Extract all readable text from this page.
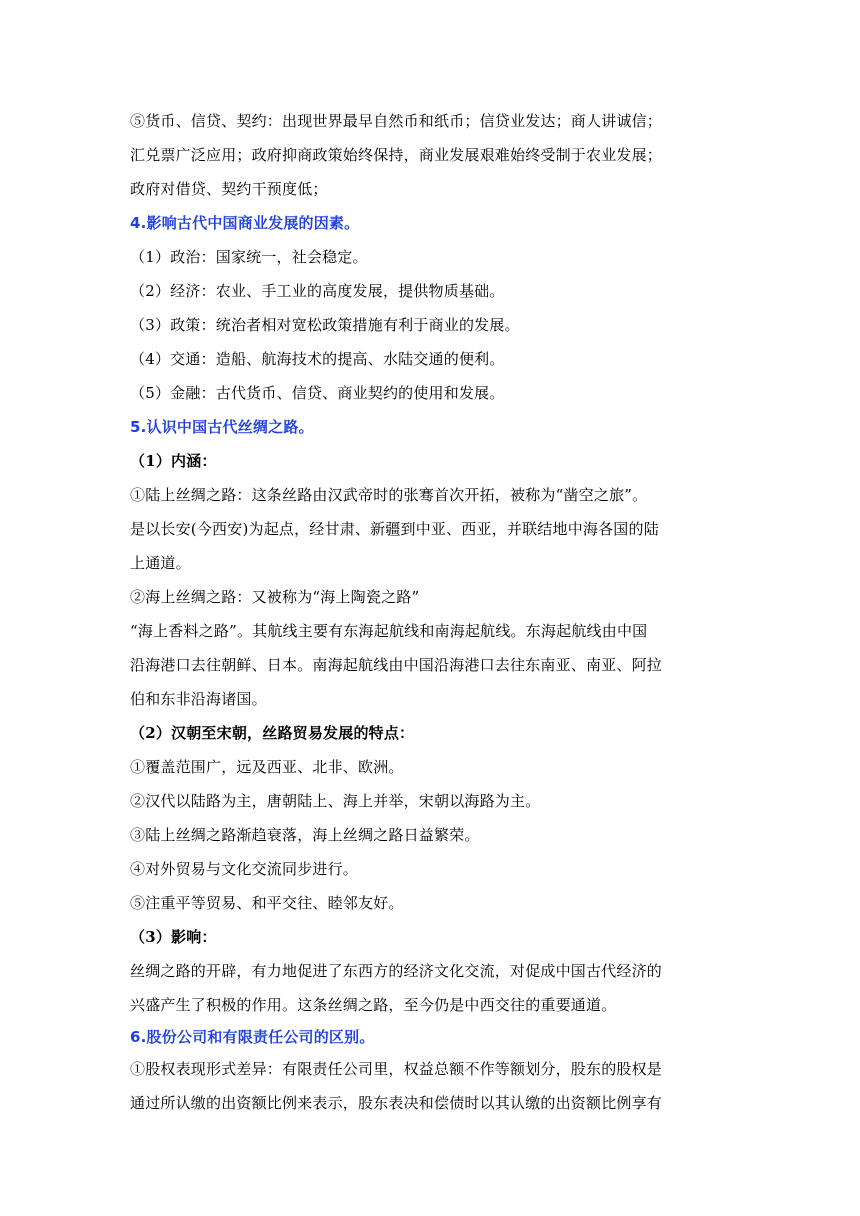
⑤货币、信贷、契约：出现世界最早自然币和纸币；信贷业发达；商人讲诚信；
汇兑票广泛应用；政府抑商政策始终保持，商业发展艰难始终受制于农业发展；
政府对借贷、契约干预度低；
4.影响古代中国商业发展的因素。
（1）政治：国家统一，社会稳定。
（2）经济：农业、手工业的高度发展，提供物质基础。
（3）政策：统治者相对宽松政策措施有利于商业的发展。
（4）交通：造船、航海技术的提高、水陆交通的便利。
（5）金融：古代货币、信贷、商业契约的使用和发展。
5.认识中国古代丝绸之路。
（1）内涵：
①陆上丝绸之路：这条丝路由汉武帝时的张骞首次开拓，被称为“凿空之旅”。
是以长安(今西安)为起点，经甘肃、新疆到中亚、西亚，并联结地中海各国的陆
上通道。
②海上丝绸之路：又被称为“海上陶瓷之路”
“海上香料之路”。其航线主要有东海起航线和南海起航线。东海起航线由中国
沿海港口去往朝鲜、日本。南海起航线由中国沿海港口去往东南亚、南亚、阿拉
伯和东非沿海诸国。
（2）汉朝至宋朝，丝路贸易发展的特点：
①覆盖范围广，远及西亚、北非、欧洲。
②汉代以陆路为主，唐朝陆上、海上并举，宋朝以海路为主。
③陆上丝绸之路渐趋衰落，海上丝绸之路日益繁荣。
④对外贸易与文化交流同步进行。
⑤注重平等贸易、和平交往、睦邻友好。
（3）影响：
丝绸之路的开辟，有力地促进了东西方的经济文化交流，对促成中国古代经济的
兴盛产生了积极的作用。这条丝绸之路，至今仍是中西交往的重要通道。
6.股份公司和有限责任公司的区别。
①股权表现形式差异：有限责任公司里，权益总额不作等额划分，股东的股权是
通过所认缴的出资额比例来表示，股东表决和偿债时以其认缴的出资额比例享有
